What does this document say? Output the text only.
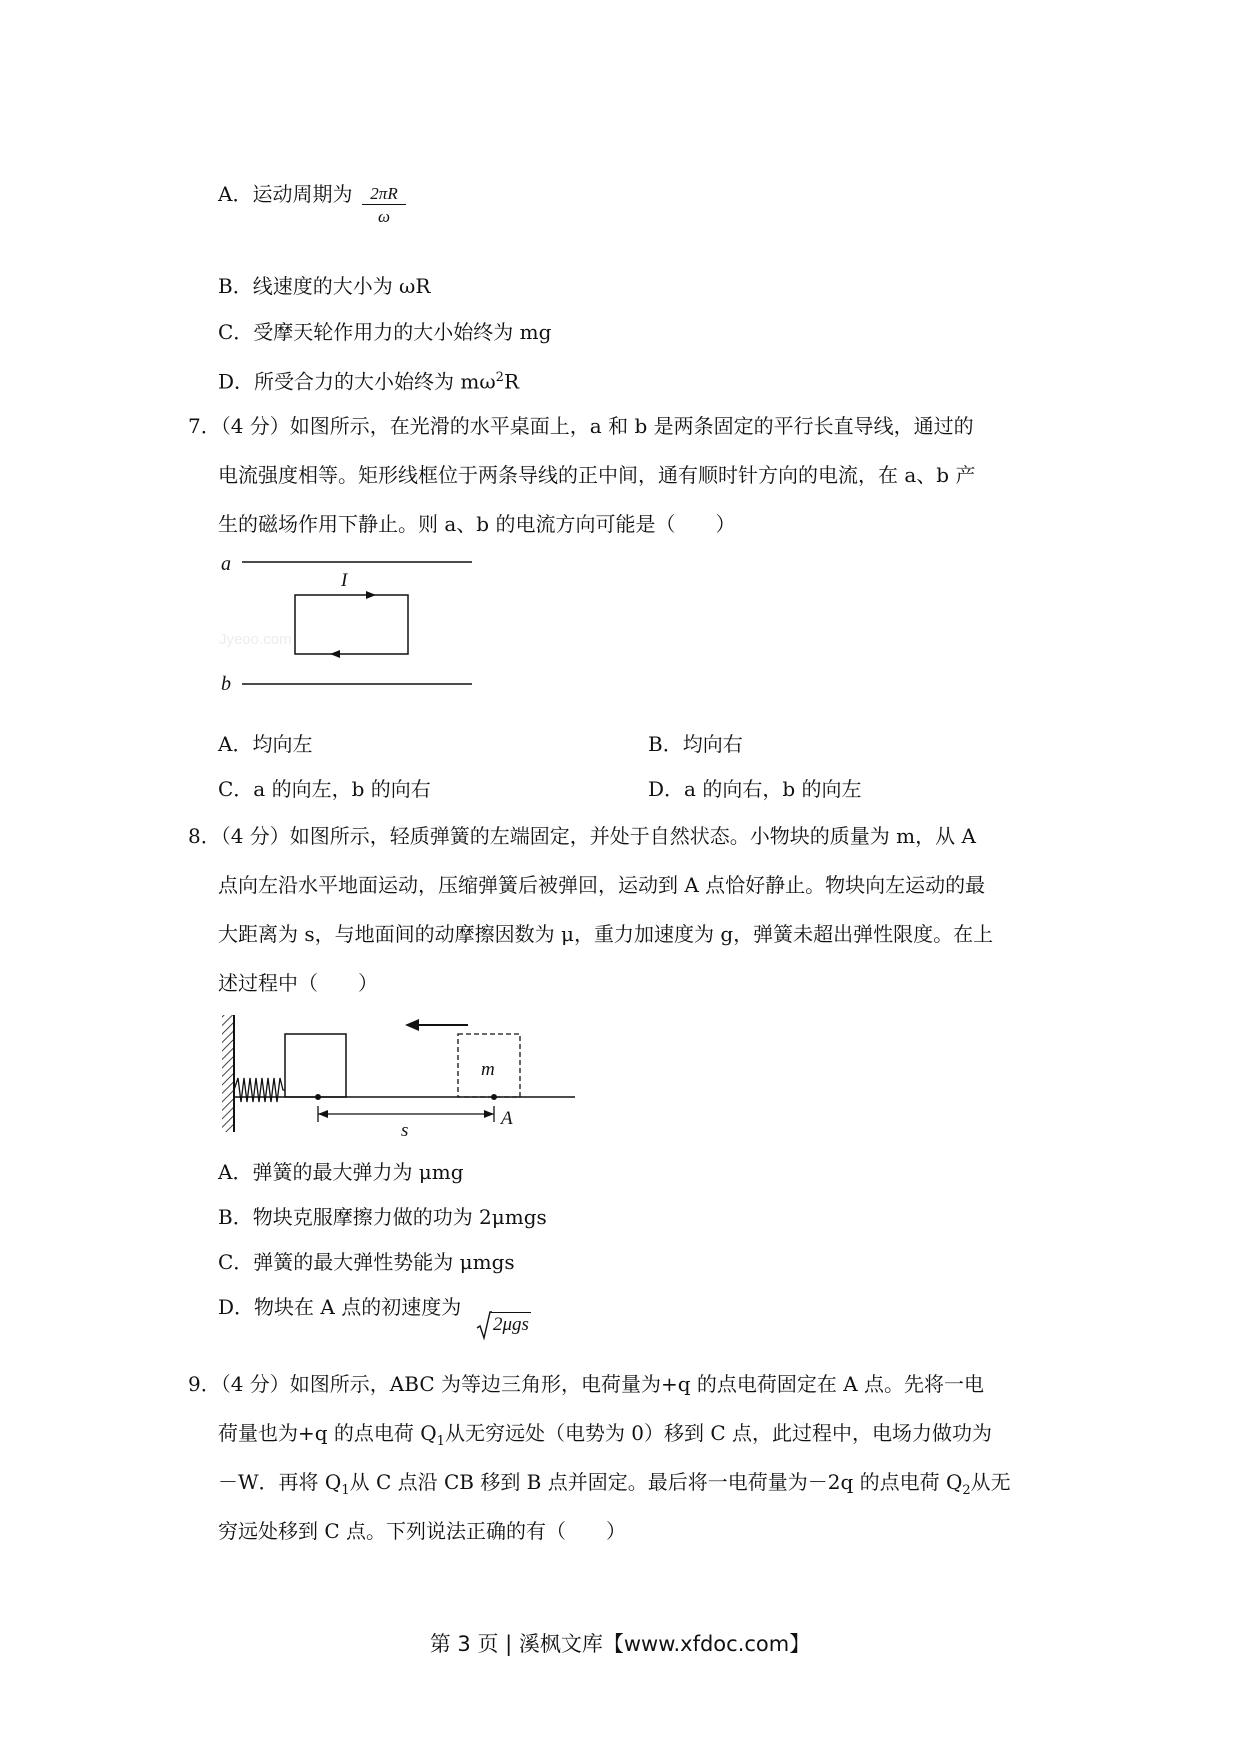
A．运动周期为 $\frac{2\pi R}{\omega}$
B．线速度的大小为 ωR
C．受摩天轮作用力的大小始终为 mg
D．所受合力的大小始终为 $m\omega^2R$
7．（4 分）如图所示，在光滑的水平桌面上，a 和 b 是两条固定的平行长直导线，通过的
电流强度相等。矩形线框位于两条导线的正中间，通有顺时针方向的电流，在 a、b 产
生的磁场作用下静止。则 a、b 的电流方向可能是（　　）
a
I
Jyeoo.com
b
A．均向左	B．均向右
C．a 的向左，b 的向右	D．a 的向右，b 的向左
8．（4 分）如图所示，轻质弹簧的左端固定，并处于自然状态。小物块的质量为 m，从 A
点向左沿水平地面运动，压缩弹簧后被弹回，运动到 A 点恰好静止。物块向左运动的最
大距离为 s，与地面间的动摩擦因数为 μ，重力加速度为 g，弹簧未超出弹性限度。在上
述过程中（　　）
m
s
A
A．弹簧的最大弹力为 μmg
B．物块克服摩擦力做的功为 2μmgs
C．弹簧的最大弹性势能为 μmgs
D．物块在 A 点的初速度为
2μgs
9．（4 分）如图所示，ABC 为等边三角形，电荷量为+q 的点电荷固定在 A 点。先将一电
荷量也为+q 的点电荷 $Q_1$从无穷远处（电势为 0）移到 C 点，此过程中，电场力做功为
－W．再将 $Q_1$从 C 点沿 CB 移到 B 点并固定。最后将一电荷量为－2q 的点电荷 $Q_2$从无
穷远处移到 C 点。下列说法正确的有（　　）
第 3 页 | 溪枫文库【www.xfdoc.com】
